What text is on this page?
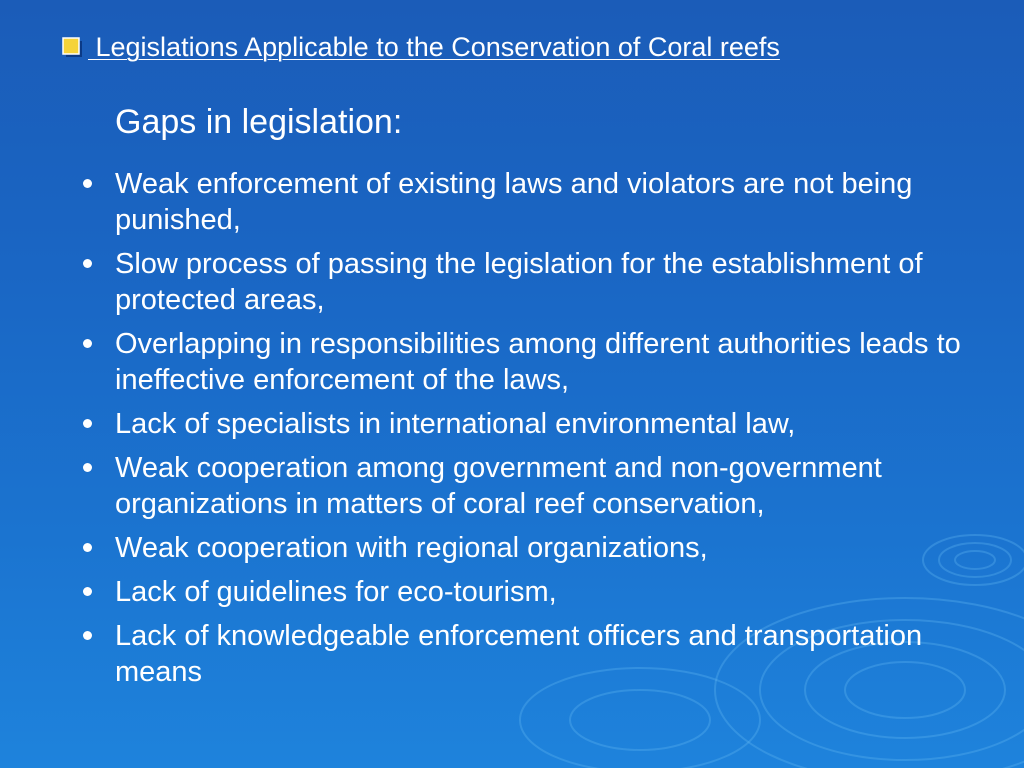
Legislations Applicable to the Conservation of Coral reefs
Gaps in legislation:
Weak enforcement of existing laws and violators are not being punished,
Slow process of passing the legislation for the establishment of protected areas,
Overlapping in responsibilities among different authorities leads to ineffective enforcement of the laws,
Lack of specialists in international environmental law,
Weak cooperation among government and non-government organizations in matters of coral reef conservation,
Weak cooperation with regional organizations,
Lack of guidelines for eco-tourism,
Lack of knowledgeable enforcement officers and transportation means
